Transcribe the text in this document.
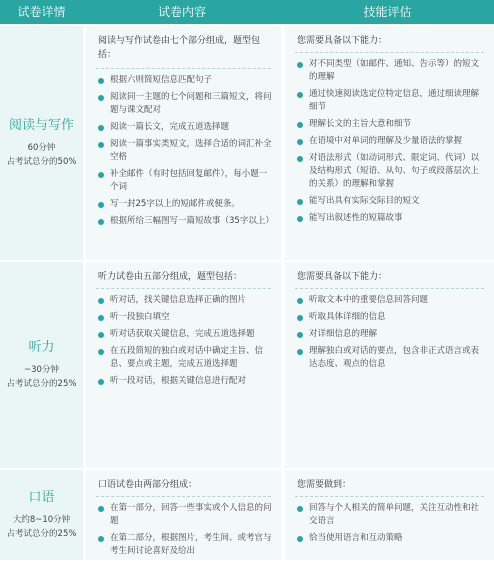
试卷详情	试卷内容	技能评估
阅读与写作
60分钟
占考试总分的50%
阅读与写作试卷由七个部分组成，题型包括：
根据六则简短信息匹配句子
阅读同一主题的七个问题和三篇短文，将问题与课文配对
阅读一篇长文，完成五道选择题
阅读一篇事实类短文，选择合适的词汇补全空格
补全邮件（有时包括回复邮件），每小题一个词
写一封25字以上的短邮件或便条。
根据所给三幅图写一篇短故事（35字以上）
您需要具备以下能力：
对不同类型（如邮件、通知、告示等）的短文的理解
通过快速阅读选定位特定信息，通过细读理解细节
理解长文的主旨大意和细节
在语境中对单词的理解及少量语法的掌握
对语法形式（如动词形式、限定词、代词）以及结构形式（短语、从句、句子或段落层次上的关系）的理解和掌握
能写出具有实际交际目的短文
能写出叙述性的短篇故事
听力
~30分钟
占考试总分的25%
听力试卷由五部分组成，题型包括：
听对话，找关键信息选择正确的图片
听一段独白填空
听对话获取关键信息，完成五道选择题
在五段简短的独白或对话中确定主旨、信息、要点或主题，完成五道选择题
听一段对话，根据关键信息进行配对
您需要具备以下能力：
听取文本中的重要信息回答问题
听取具体详细的信息
对详细信息的理解
理解独白或对话的要点，包含非正式语言或表达态度、观点的信息
口语
大约8~10分钟
占考试总分的25%
口语试卷由两部分组成：
在第一部分，回答一些事实或个人信息的问题
在第二部分，根据图片，考生间、或考官与考生间讨论喜好及给出
您需要做到：
回答与个人相关的简单问题，关注互动性和社交语言
恰当使用语言和互动策略
